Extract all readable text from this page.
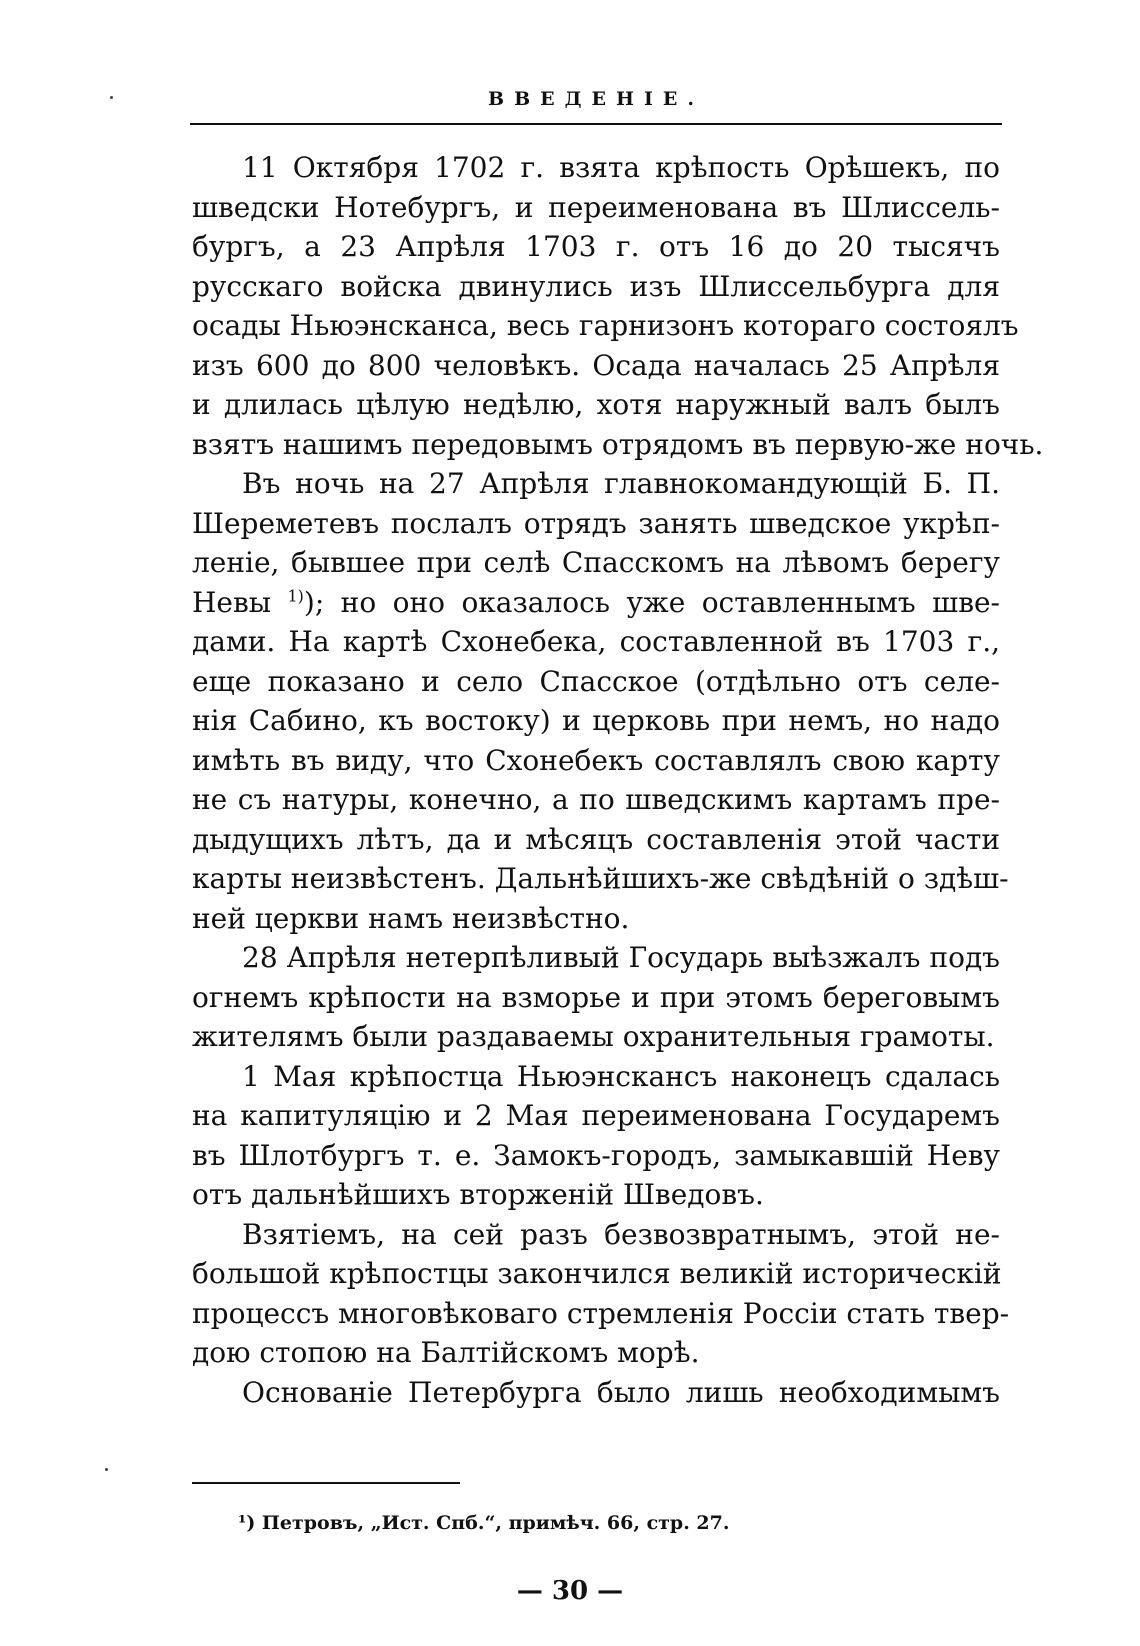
ВВЕДЕНІЕ.
11 Октября 1702 г. взята крѣпость Орѣшекъ, по
шведски Нотебургъ, и переименована въ Шлиссель-
бургъ, а 23 Апрѣля 1703 г. отъ 16 до 20 тысячъ
русскаго войска двинулись изъ Шлиссельбурга для
осады Ньюэнсканса, весь гарнизонъ котораго состоялъ
изъ 600 до 800 человѣкъ. Осада началась 25 Апрѣля
и длилась цѣлую недѣлю, хотя наружный валъ былъ
взятъ нашимъ передовымъ отрядомъ въ первую-же ночь.
Въ ночь на 27 Апрѣля главнокомандующій Б. П.
Шереметевъ послалъ отрядъ занять шведское укрѣп-
леніе, бывшее при селѣ Спасскомъ на лѣвомъ берегу
Невы $^{1)}$); но оно оказалось уже оставленнымъ шве-
дами. На картѣ Схонебека, составленной въ 1703 г.,
еще показано и село Спасское (отдѣльно отъ селе-
нія Сабино, къ востоку) и церковь при немъ, но надо
имѣть въ виду, что Схонебекъ составлялъ свою карту
не съ натуры, конечно, а по шведскимъ картамъ пре-
дыдущихъ лѣтъ, да и мѣсяцъ составленія этой части
карты неизвѣстенъ. Дальнѣйшихъ-же свѣдѣній о здѣш-
ней церкви намъ неизвѣстно.
28 Апрѣля нетерпѣливый Государь выѣзжалъ подъ
огнемъ крѣпости на взморье и при этомъ береговымъ
жителямъ были раздаваемы охранительныя грамоты.
1 Мая крѣпостца Ньюэнскансъ наконецъ сдалась
на капитуляцію и 2 Мая переименована Государемъ
въ Шлотбургъ т. е. Замокъ-городъ, замыкавшій Неву
отъ дальнѣйшихъ вторженій Шведовъ.
Взятіемъ, на сей разъ безвозвратнымъ, этой не-
большой крѣпостцы закончился великій историческій
процессъ многовѣковаго стремленія Россіи стать твер-
дою стопою на Балтійскомъ морѣ.
Основаніе Петербурга было лишь необходимымъ
¹) Петровъ, „Ист. Спб.“, примѣч. 66, стр. 27.
— 30 —
